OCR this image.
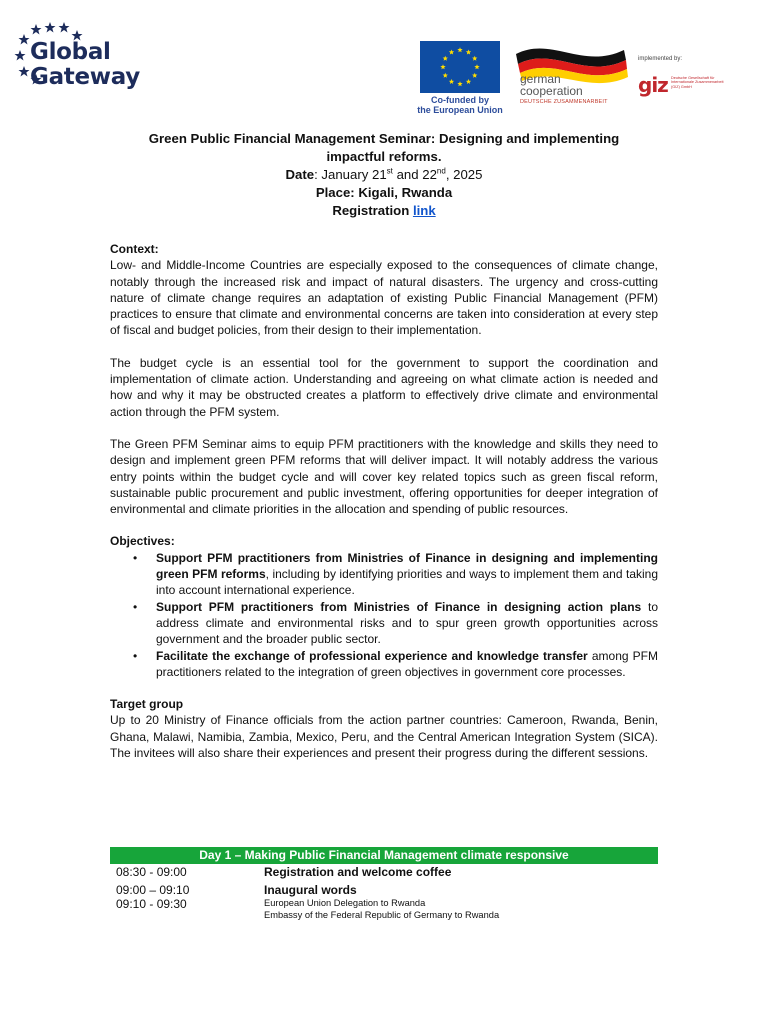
Global
Gateway
Co-funded by
the European Union
german
cooperation
DEUTSCHE ZUSAMMENARBEIT
implemented by:
giz Deutsche Gesellschaft für Internationale Zusammenarbeit (GIZ) GmbH
Green Public Financial Management Seminar: Designing and implementing
impactful reforms.
Date: January 21st and 22nd, 2025
Place: Kigali, Rwanda
Registration link
Context:

Low- and Middle-Income Countries are especially exposed to the consequences of climate change, notably through the increased risk and impact of natural disasters. The urgency and cross-cutting nature of climate change requires an adaptation of existing Public Financial Management (PFM) practices to ensure that climate and environmental concerns are taken into consideration at every step of fiscal and budget policies, from their design to their implementation.

The budget cycle is an essential tool for the government to support the coordination and implementation of climate action. Understanding and agreeing on what climate action is needed and how and why it may be obstructed creates a platform to effectively drive climate and environmental action through the PFM system.

The Green PFM Seminar aims to equip PFM practitioners with the knowledge and skills they need to design and implement green PFM reforms that will deliver impact. It will notably address the various entry points within the budget cycle and will cover key related topics such as green fiscal reform, sustainable public procurement and public investment, offering opportunities for deeper integration of environmental and climate priorities in the allocation and spending of public resources.

Objectives:
• Support PFM practitioners from Ministries of Finance in designing and implementing green PFM reforms, including by identifying priorities and ways to implement them and taking into account international experience.
• Support PFM practitioners from Ministries of Finance in designing action plans to address climate and environmental risks and to spur green growth opportunities across government and the broader public sector.
• Facilitate the exchange of professional experience and knowledge transfer among PFM practitioners related to the integration of green objectives in government core processes.
Target group

Up to 20 Ministry of Finance officials from the action partner countries: Cameroon, Rwanda, Benin, Ghana, Malawi, Namibia, Zambia, Mexico, Peru, and the Central American Integration System (SICA). The invitees will also share their experiences and present their progress during the different sessions.

Day 1 – Making Public Financial Management climate responsive
08:30 - 09:00	Registration and welcome coffee
09:00 – 09:10	Inaugural words
09:10 - 09:30	European Union Delegation to Rwanda
Embassy of the Federal Republic of Germany to Rwanda
